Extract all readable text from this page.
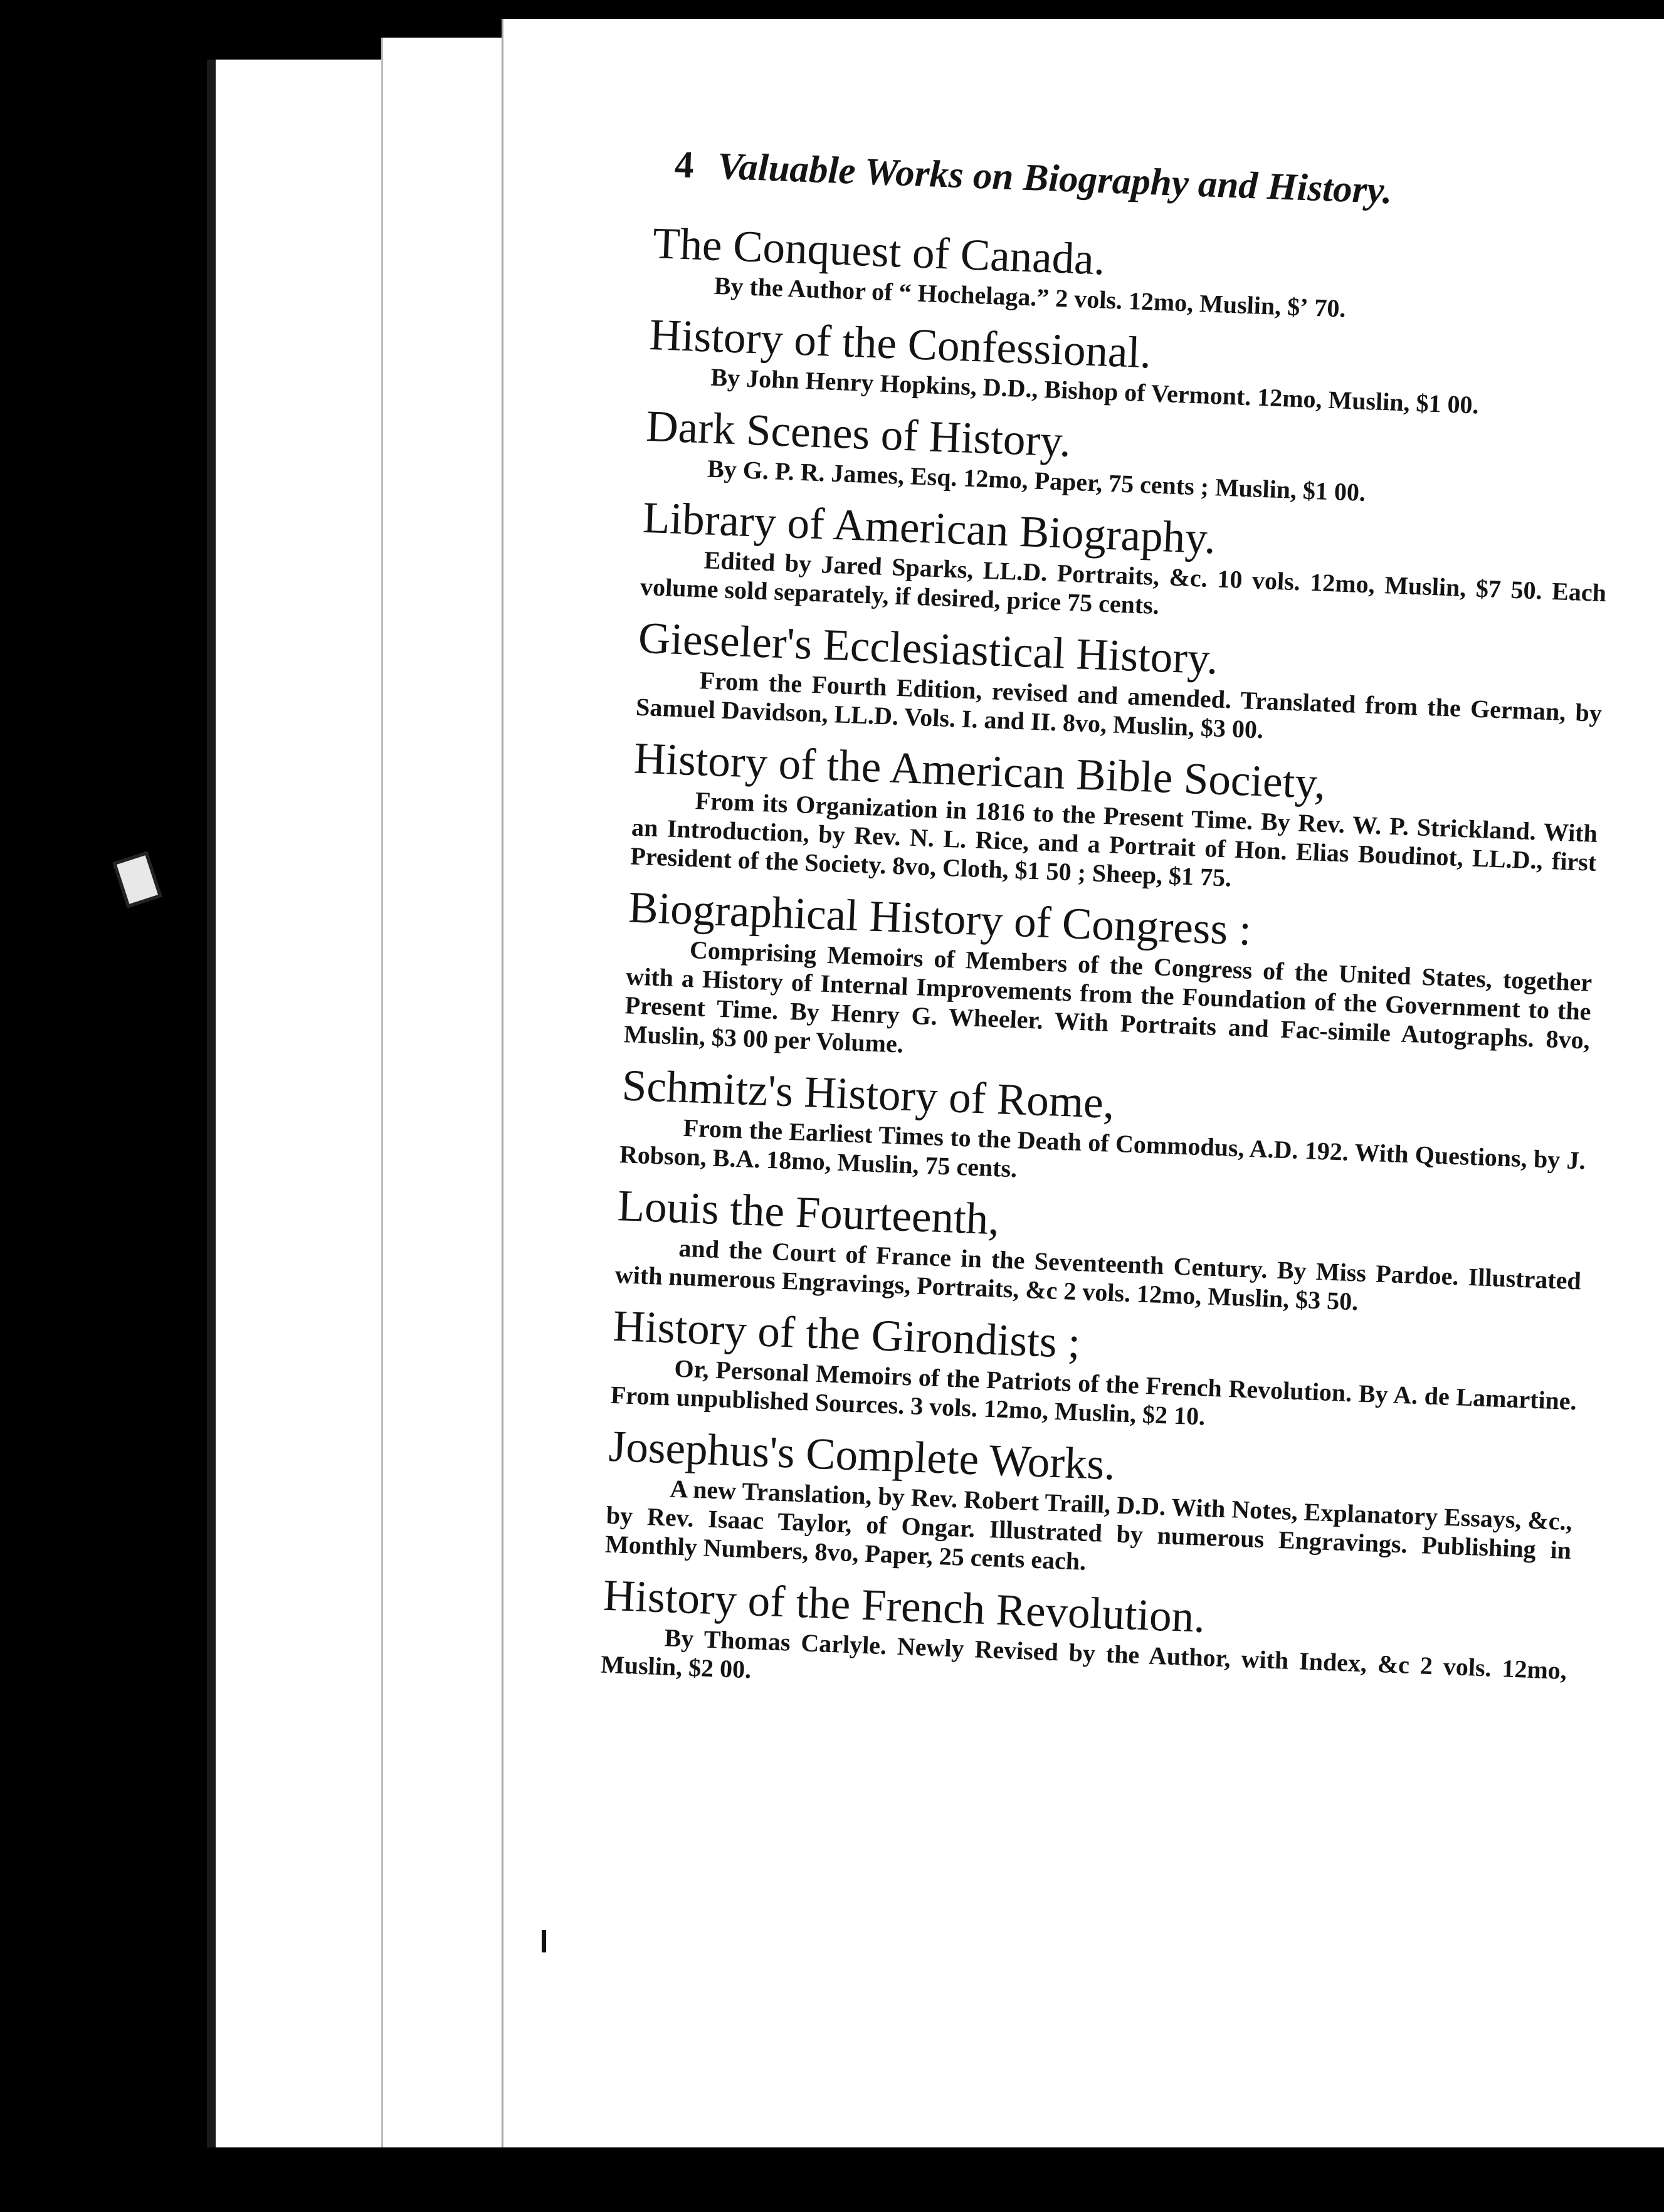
4 Valuable Works on Biography and History.
The Conquest of Canada.

By the Author of “ Hochelaga.” 2 vols. 12mo, Muslin, $ʼ 70.

History of the Confessional.

By John Henry Hopkins, D.D., Bishop of Vermont. 12mo, Muslin, $1 00.

Dark Scenes of History.

By G. P. R. James, Esq. 12mo, Paper, 75 cents ; Muslin, $1 00.

Library of American Biography.

Edited by Jared Sparks, LL.D. Portraits, &c. 10 vols. 12mo, Muslin, $7 50. Each volume sold separately, if desired, price 75 cents.

Gieseler's Ecclesiastical History.

From the Fourth Edition, revised and amended. Translated from the German, by Samuel Davidson, LL.D. Vols. I. and II. 8vo, Muslin, $3 00.

History of the American Bible Society,

From its Organization in 1816 to the Present Time. By Rev. W. P. Strickland. With an Introduction, by Rev. N. L. Rice, and a Portrait of Hon. Elias Boudinot, LL.D., first President of the Society. 8vo, Cloth, $1 50 ; Sheep, $1 75.

Biographical History of Congress :

Comprising Memoirs of Members of the Congress of the United States, together with a History of Internal Improvements from the Foundation of the Government to the Present Time. By Henry G. Wheeler. With Portraits and Fac-simile Autographs. 8vo, Muslin, $3 00 per Volume.

Schmitz's History of Rome,

From the Earliest Times to the Death of Commodus, A.D. 192. With Questions, by J. Robson, B.A. 18mo, Muslin, 75 cents.

Louis the Fourteenth,

and the Court of France in the Seventeenth Century. By Miss Pardoe. Illustrated with numerous Engravings, Portraits, &c 2 vols. 12mo, Muslin, $3 50.

History of the Girondists ;

Or, Personal Memoirs of the Patriots of the French Revolution. By A. de Lamartine. From unpublished Sources. 3 vols. 12mo, Muslin, $2 10.

Josephus's Complete Works.

A new Translation, by Rev. Robert Traill, D.D. With Notes, Explanatory Essays, &c., by Rev. Isaac Taylor, of Ongar. Illustrated by numerous Engravings. Publishing in Monthly Numbers, 8vo, Paper, 25 cents each.

History of the French Revolution.

By Thomas Carlyle. Newly Revised by the Author, with Index, &c 2 vols. 12mo, Muslin, $2 00.
